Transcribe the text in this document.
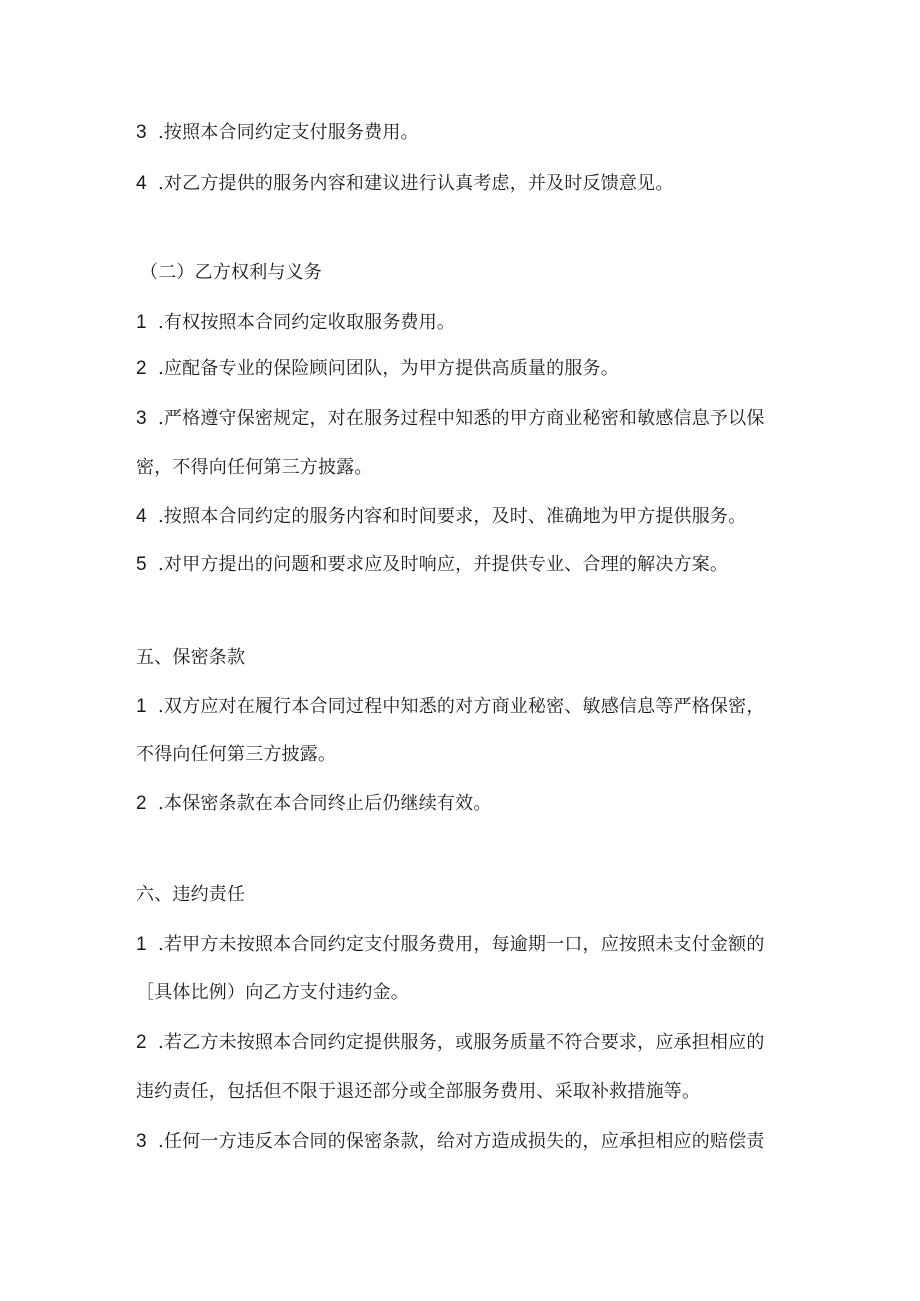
3 .按照本合同约定支付服务费用。
4 .对乙方提供的服务内容和建议进行认真考虑，并及时反馈意见。
（二）乙方权利与义务
1 .有权按照本合同约定收取服务费用。
2 .应配备专业的保险顾问团队，为甲方提供高质量的服务。
3 .严格遵守保密规定，对在服务过程中知悉的甲方商业秘密和敏感信息予以保
密，不得向任何第三方披露。
4 .按照本合同约定的服务内容和时间要求，及时、准确地为甲方提供服务。
5 .对甲方提出的问题和要求应及时响应，并提供专业、合理的解决方案。
五、保密条款
1 .双方应对在履行本合同过程中知悉的对方商业秘密、敏感信息等严格保密，
不得向任何第三方披露。
2 .本保密条款在本合同终止后仍继续有效。
六、违约责任
1 .若甲方未按照本合同约定支付服务费用，每逾期一口，应按照未支付金额的
［具体比例）向乙方支付违约金。
2 .若乙方未按照本合同约定提供服务，或服务质量不符合要求，应承担相应的
违约责任，包括但不限于退还部分或全部服务费用、采取补救措施等。
3 .任何一方违反本合同的保密条款，给对方造成损失的，应承担相应的赔偿责
